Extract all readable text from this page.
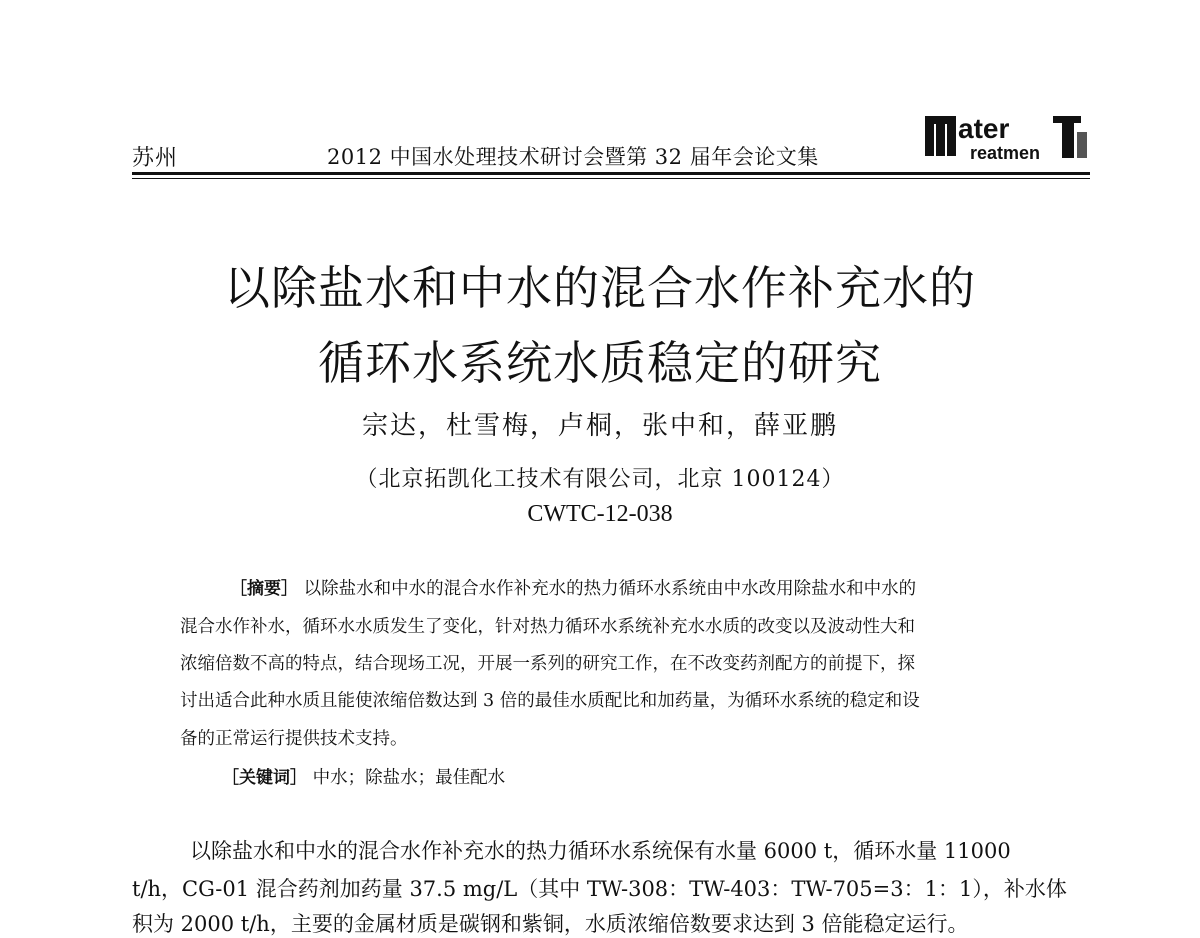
苏州	2012 中国水处理技术研讨会暨第 32 届年会论文集
ater
reatmen
以除盐水和中水的混合水作补充水的
循环水系统水质稳定的研究
宗达，杜雪梅，卢桐，张中和，薛亚鹏
（北京拓凯化工技术有限公司，北京 100124）
CWTC-12-038
［摘要］ 以除盐水和中水的混合水作补充水的热力循环水系统由中水改用除盐水和中水的
混合水作补水，循环水水质发生了变化，针对热力循环水系统补充水水质的改变以及波动性大和
浓缩倍数不高的特点，结合现场工况，开展一系列的研究工作，在不改变药剂配方的前提下，探
讨出适合此种水质且能使浓缩倍数达到 3 倍的最佳水质配比和加药量，为循环水系统的稳定和设
备的正常运行提供技术支持。
［关键词］ 中水；除盐水；最佳配水
以除盐水和中水的混合水作补充水的热力循环水系统保有水量 6000 t，循环水量 11000
t/h，CG-01 混合药剂加药量 37.5 mg/L（其中 TW-308：TW-403：TW-705=3：1：1），补水体
积为 2000 t/h，主要的金属材质是碳钢和紫铜，水质浓缩倍数要求达到 3 倍能稳定运行。
